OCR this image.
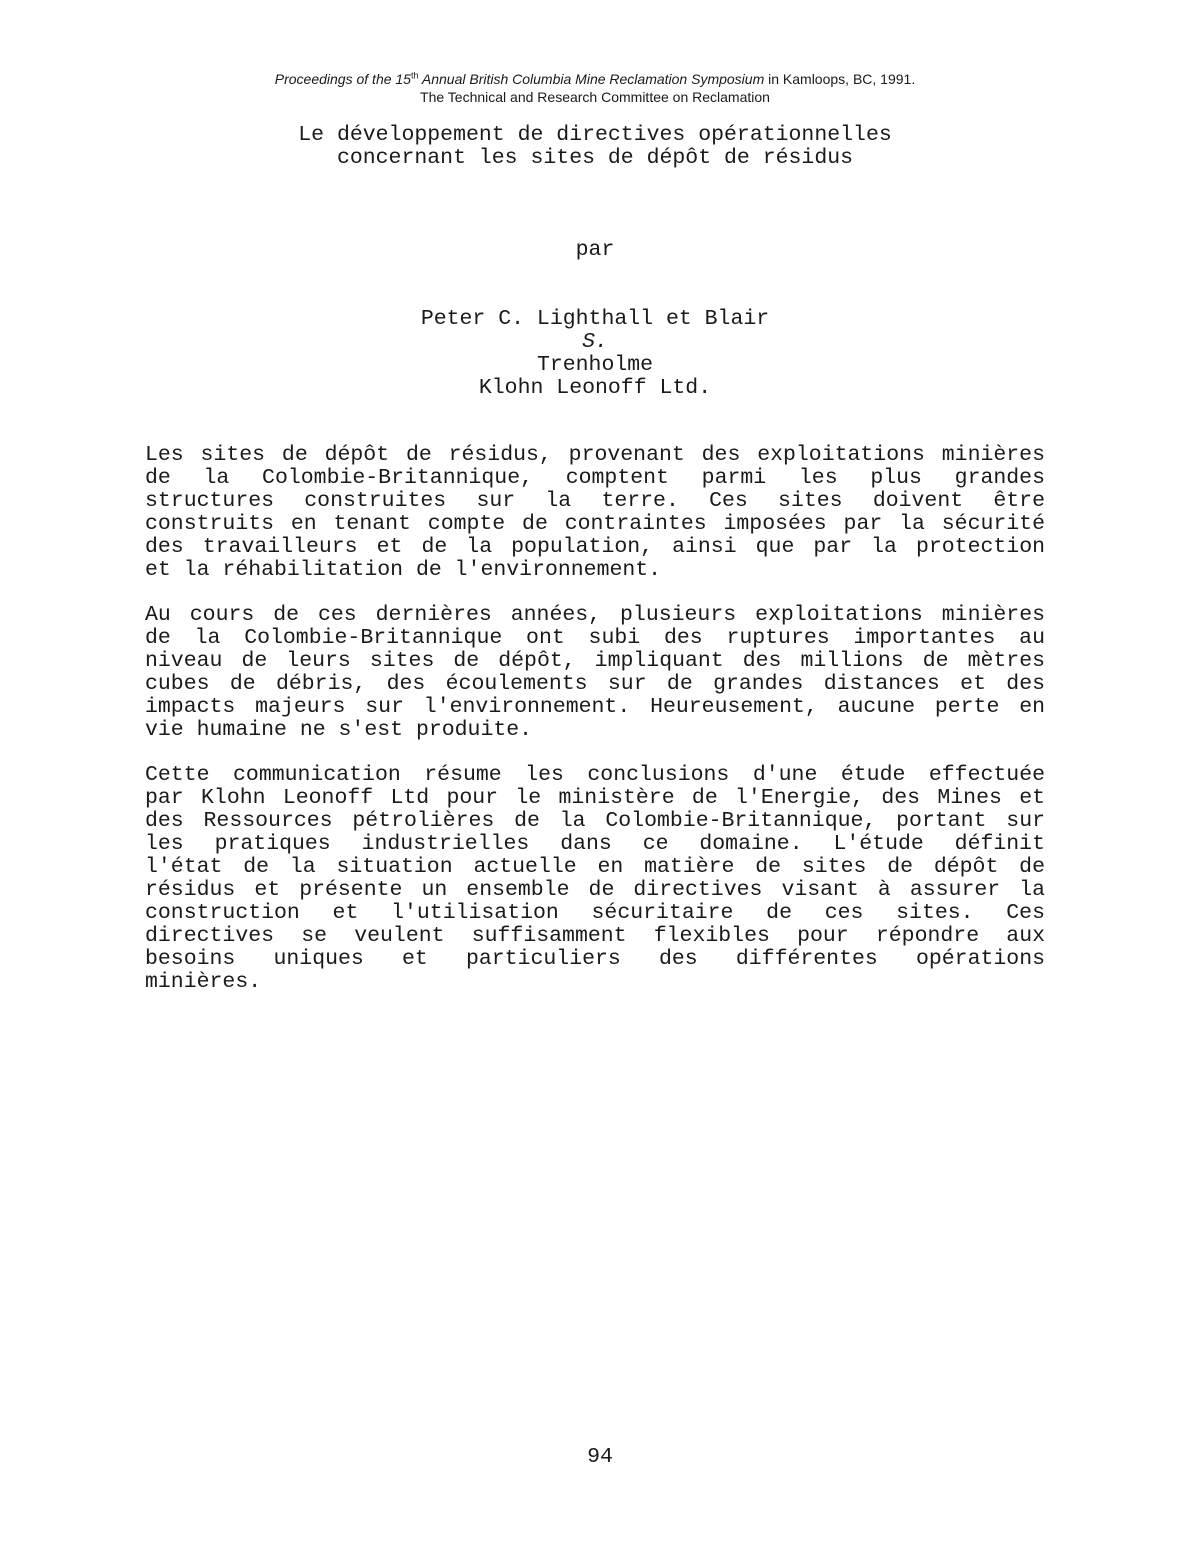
Proceedings of the 15th Annual British Columbia Mine Reclamation Symposium in Kamloops, BC, 1991.
The Technical and Research Committee on Reclamation
Le développement de directives opérationnelles
concernant les sites de dépôt de résidus
par
Peter C. Lighthall et Blair
S.
Trenholme
Klohn Leonoff Ltd.
Les sites de dépôt de résidus, provenant des exploitations minières
de la Colombie-Britannique, comptent parmi les plus grandes
structures construites sur la terre. Ces sites doivent être
construits en tenant compte de contraintes imposées par la sécurité
des travailleurs et de la population, ainsi que par la protection
et la réhabilitation de l'environnement.
Au cours de ces dernières années, plusieurs exploitations minières
de la Colombie-Britannique ont subi des ruptures importantes au
niveau de leurs sites de dépôt, impliquant des millions de mètres
cubes de débris, des écoulements sur de grandes distances et des
impacts majeurs sur l'environnement. Heureusement, aucune perte en
vie humaine ne s'est produite.
Cette communication résume les conclusions d'une étude effectuée
par Klohn Leonoff Ltd pour le ministère de l'Energie, des Mines et
des Ressources pétrolières de la Colombie-Britannique, portant sur
les pratiques industrielles dans ce domaine. L'étude définit
l'état de la situation actuelle en matière de sites de dépôt de
résidus et présente un ensemble de directives visant à assurer la
construction et l'utilisation sécuritaire de ces sites. Ces
directives se veulent suffisamment flexibles pour répondre aux
besoins uniques et particuliers des différentes opérations
minières.
94
